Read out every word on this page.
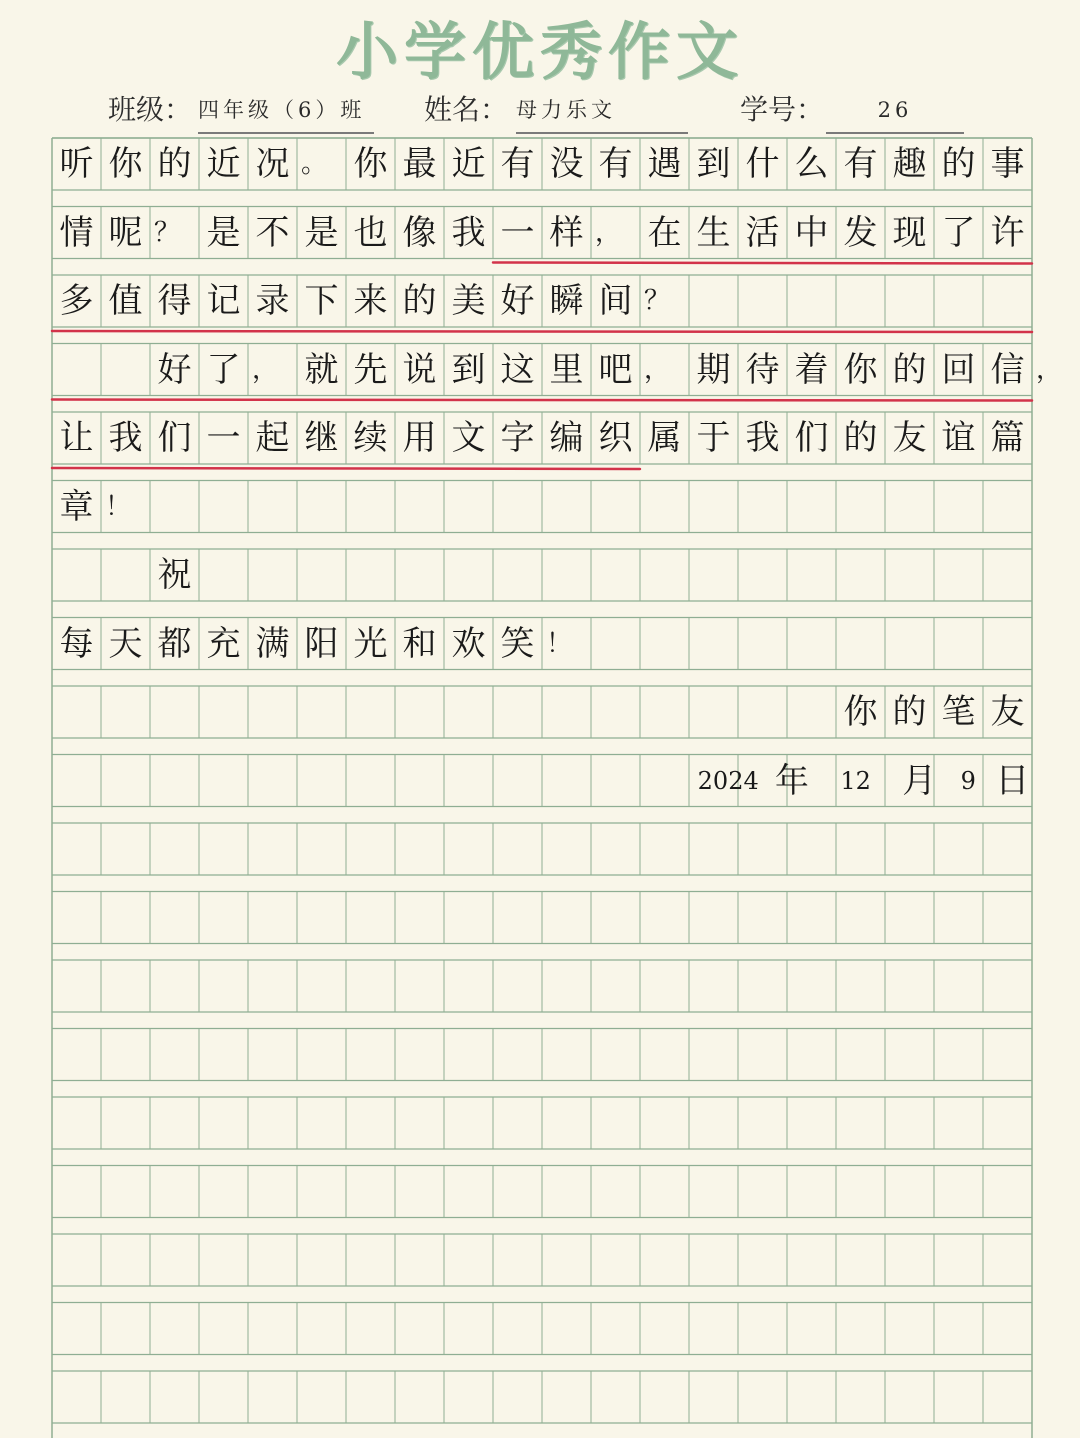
小学优秀作文
班级： 四年级（6）班	姓名： 母力乐文	学号：	26
听 你 的 近 况 。 你 最 近 有 没 有 遇 到 什 么 有 趣 的 事
情 呢 ？ 是 不 是 也 像 我 一 样 ， 在 生 活 中 发 现 了 许
多 值 得 记 录 下 来 的 美 好 瞬 间 ？
好 了 ， 就 先 说 到 这 里 吧 ， 期 待 着 你 的 回 信 ，
让 我 们 一 起 继 续 用 文 字 编 织 属 于 我 们 的 友 谊 篇
章 ！
祝
每 天 都 充 满 阳 光 和 欢 笑 ！
你 的 笔 友
2024 年	12 月	9 日
